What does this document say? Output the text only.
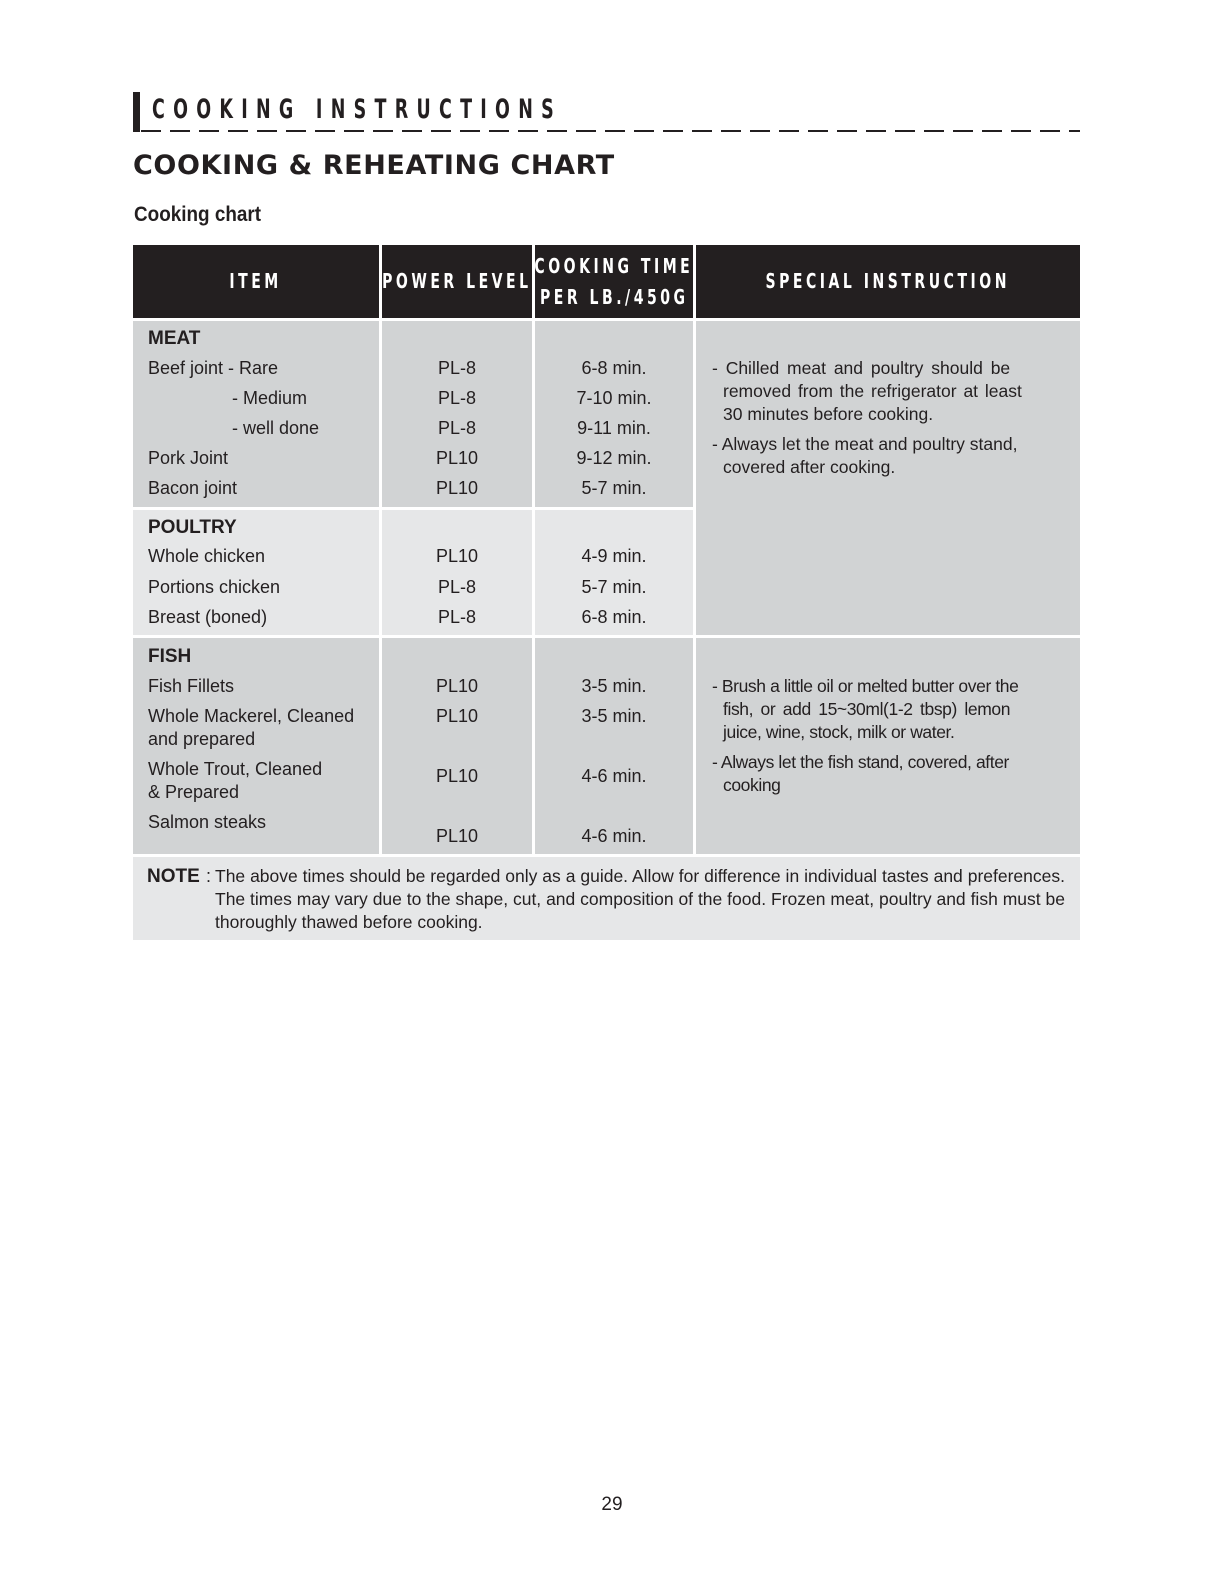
COOKING INSTRUCTIONS
COOKING & REHEATING CHART
Cooking chart
ITEM	POWER LEVEL
COOKING TIME
PER LB./450G
SPECIAL INSTRUCTION
MEAT
Beef joint - Rare
- Medium
- well done
Pork Joint
Bacon joint
PL-8
PL-8
PL-8
PL10
PL10
6-8 min.
7-10 min.
9-11 min.
9-12 min.
5-7 min.
POULTRY
Whole chicken
Portions chicken
Breast (boned)
PL10
PL-8
PL-8
4-9 min.
5-7 min.
6-8 min.
- Chilled meat and poultry should be
removed from the refrigerator at least
30 minutes before cooking.
- Always let the meat and poultry stand,
covered after cooking.
FISH
Fish Fillets
Whole Mackerel, Cleaned
and prepared
Whole Trout, Cleaned
& Prepared
Salmon steaks
PL10
PL10
PL10
PL10
3-5 min.
3-5 min.
4-6 min.
4-6 min.
- Brush a little oil or melted butter over the
fish, or add 15~30ml(1-2 tbsp) lemon
juice, wine, stock, milk or water.
- Always let the fish stand, covered, after
cooking
NOTE : The above times should be regarded only as a guide. Allow for difference in individual tastes and preferences. The times may vary due to the shape, cut, and composition of the food. Frozen meat, poultry and fish must be thoroughly thawed before cooking.
29
